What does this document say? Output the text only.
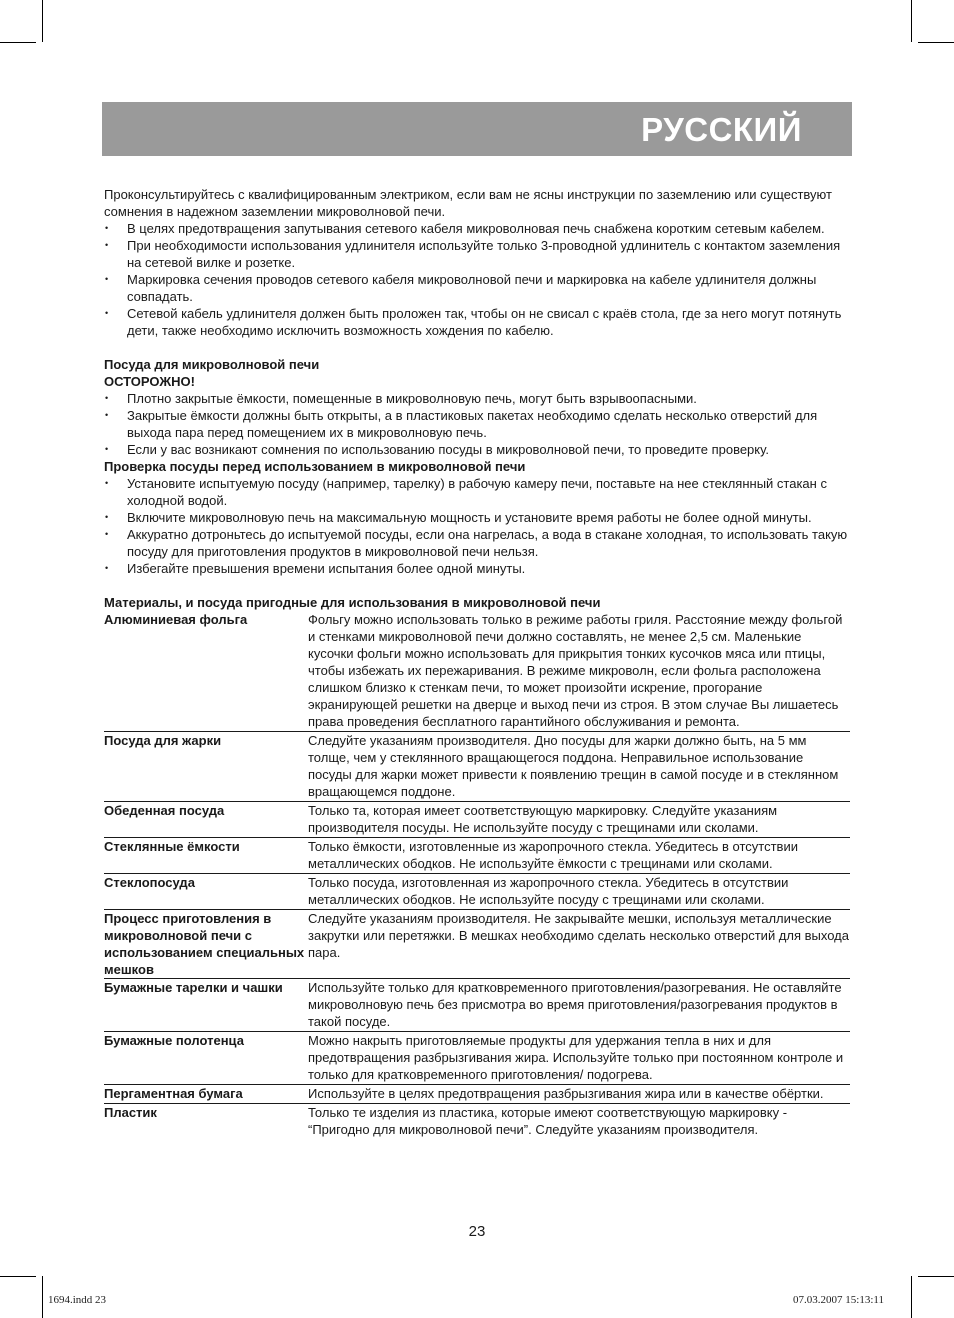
РУССКИЙ

Проконсультируйтесь с квалифицированным электриком, если вам не ясны инструкции по заземлению или существуют сомнения в надежном заземлении микроволновой печи.

• В целях предотвращения запутывания сетевого кабеля микроволновая печь снабжена коротким сетевым кабелем.
• При необходимости использования удлинителя используйте только 3-проводной удлинитель с контактом заземления на сетевой вилке и розетке.
• Маркировка сечения проводов сетевого кабеля микроволновой печи и маркировка на кабеле удлинителя должны совпадать.
• Сетевой кабель удлинителя должен быть проложен так, чтобы он не свисал с краёв стола, где за него могут потянуть дети, также необходимо исключить возможность хождения по кабелю.

Посуда для микроволновой печи

ОСТОРОЖНО!

• Плотно закрытые ёмкости, помещенные в микроволновую печь, могут быть взрывоопасными.
• Закрытые ёмкости должны быть открыты, а в пластиковых пакетах необходимо сделать несколько отверстий для выхода пара перед помещением их в микроволновую печь.
• Если у вас возникают сомнения по использованию посуды в микроволновой печи, то проведите проверку.

Проверка посуды перед использованием в микроволновой печи

• Установите испытуемую посуду (например, тарелку) в рабочую камеру печи, поставьте на нее стеклянный стакан с холодной водой.
• Включите микроволновую печь на максимальную мощность и установите время работы не более одной минуты.
• Аккуратно дотроньтесь до испытуемой посуды, если она нагрелась, а вода в стакане холодная, то использовать такую посуду для приготовления продуктов в микроволновой печи нельзя.
• Избегайте превышения времени испытания более одной минуты.

Материалы, и посуда пригодные для использования в микроволновой печи

Алюминиевая фольга	Фольгу можно использовать только в режиме работы гриля. Расстояние между фольгой и стенками микроволновой печи должно составлять, не менее 2,5 см. Маленькие кусочки фольги можно использовать для прикрытия тонких кусочков мяса или птицы, чтобы избежать их пережаривания. В режиме микроволн, если фольга расположена слишком близко к стенкам печи, то может произойти искрение, прогорание экранирующей решетки на дверце и выход печи из строя. В этом случае Вы лишаетесь права проведения бесплатного гарантийного обслуживания и ремонта.
Посуда для жарки	Следуйте указаниям производителя. Дно посуды для жарки должно быть, на 5 мм толще, чем у стеклянного вращающегося поддона. Неправильное использование посуды для жарки может привести к появлению трещин в самой посуде и в стеклянном вращающемся поддоне.
Обеденная посуда	Только та, которая имеет соответствующую маркировку. Следуйте указаниям производителя посуды. Не используйте посуду с трещинами или сколами.
Стеклянные ёмкости	Только ёмкости, изготовленные из жаропрочного стекла. Убедитесь в отсутствии металлических ободков. Не используйте ёмкости с трещинами или сколами.
Стеклопосуда	Только посуда, изготовленная из жаропрочного стекла. Убедитесь в отсутствии металлических ободков. Не используйте посуду с трещинами или сколами.
Процесс приготовления в микроволновой печи с использованием специальных мешков	Следуйте указаниям производителя. Не закрывайте мешки, используя металлические закрутки или перетяжки. В мешках необходимо сделать несколько отверстий для выхода пара.
Бумажные тарелки и чашки	Используйте только для кратковременного приготовления/разогревания. Не оставляйте микроволновую печь без присмотра во время приготовления/разогревания продуктов в такой посуде.
Бумажные полотенца	Можно накрыть приготовляемые продукты для удержания тепла в них и для предотвращения разбрызгивания жира. Используйте только при постоянном контроле и только для кратковременного приготовления/ подогрева.
Пергаментная бумага	Используйте в целях предотвращения разбрызгивания жира или в качестве обёртки.
Пластик	Только те изделия из пластика, которые имеют соответствующую маркировку - “Пригодно для микроволновой печи”. Следуйте указаниям производителя.
23
1694.indd 23	07.03.2007 15:13:11
